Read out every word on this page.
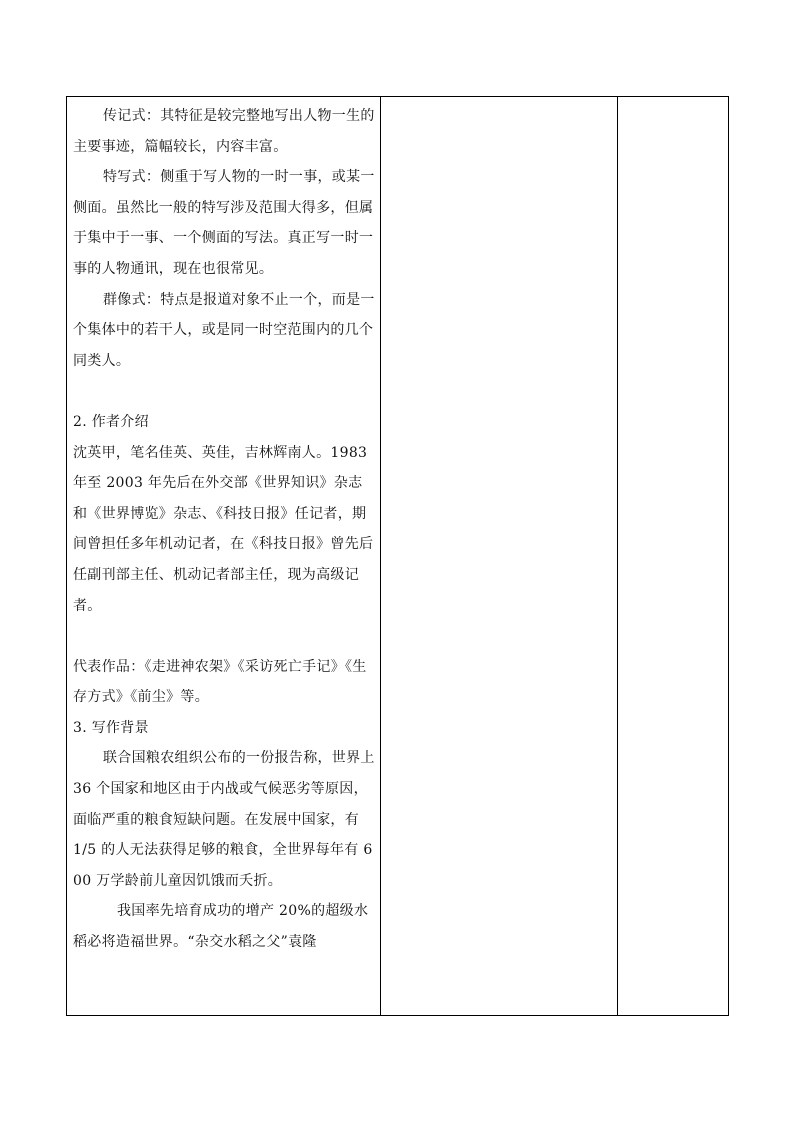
传记式：其特征是较完整地写出人物一生的主要事迹，篇幅较长，内容丰富。

特写式：侧重于写人物的一时一事，或某一侧面。虽然比一般的特写涉及范围大得多，但属于集中于一事、一个侧面的写法。真正写一时一事的人物通讯，现在也很常见。

群像式：特点是报道对象不止一个，而是一个集体中的若干人，或是同一时空范围内的几个同类人。

2. 作者介绍

沈英甲，笔名佳英、英佳，吉林辉南人。1983 年至 2003 年先后在外交部《世界知识》杂志和《世界博览》杂志、《科技日报》任记者，期间曾担任多年机动记者，在《科技日报》曾先后任副刊部主任、机动记者部主任，现为高级记者。

代表作品：《走进神农架》《采访死亡手记》《生存方式》《前尘》等。

3. 写作背景

联合国粮农组织公布的一份报告称，世界上 36 个国家和地区由于内战或气候恶劣等原因，面临严重的粮食短缺问题。在发展中国家，有 1/5 的人无法获得足够的粮食，全世界每年有 600 万学龄前儿童因饥饿而夭折。

我国率先培育成功的增产 20%的超级水稻必将造福世界。“杂交水稻之父”袁隆
